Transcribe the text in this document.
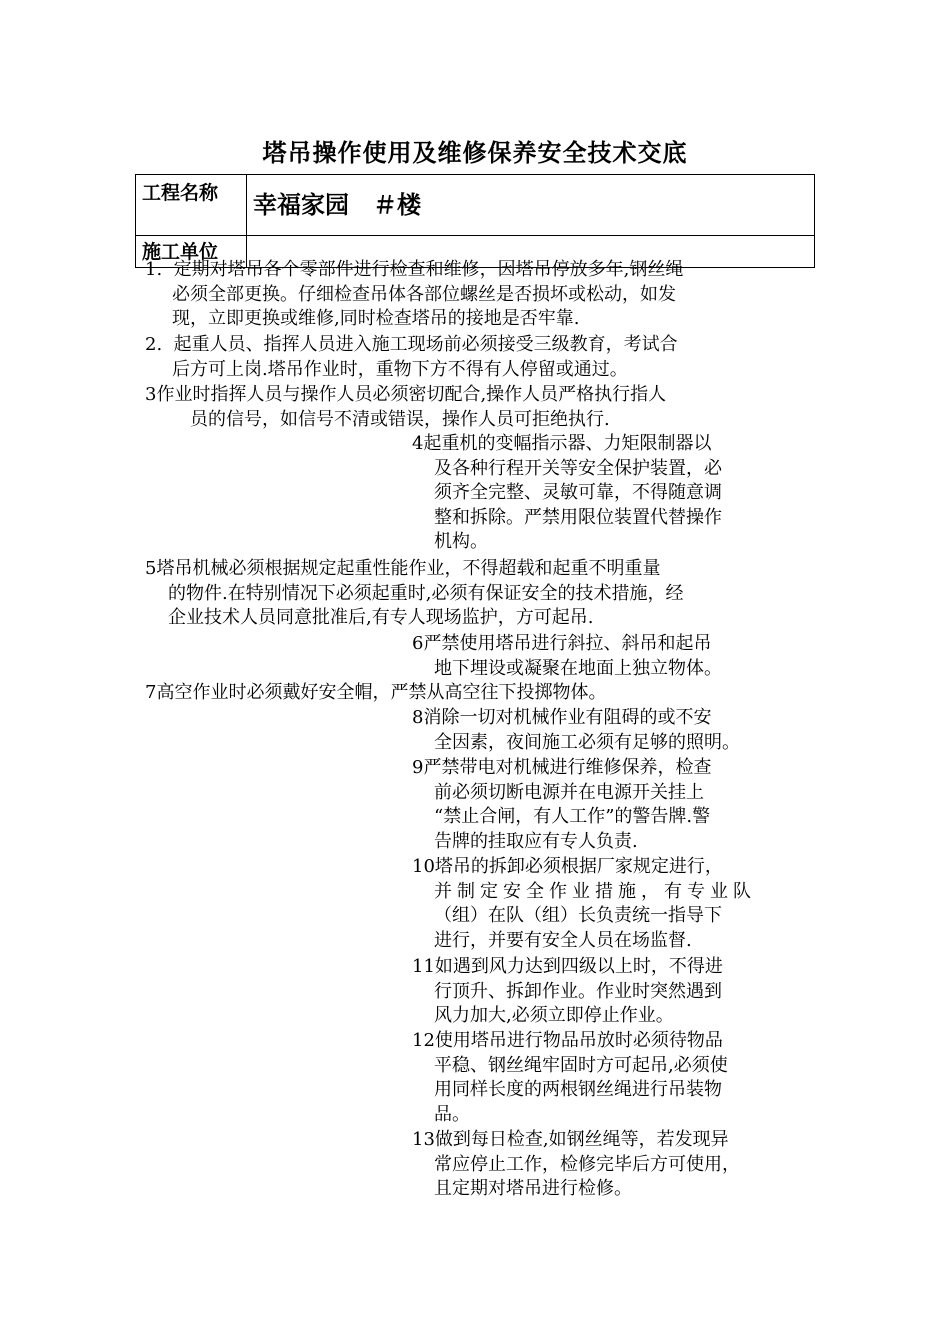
塔吊操作使用及维修保养安全技术交底
工程名称	幸福家园　＃楼
施工单位	
1. 定期对塔吊各个零部件进行检查和维修，因塔吊停放多年,钢丝绳
必须全部更换。仔细检查吊体各部位螺丝是否损坏或松动，如发
现，立即更换或维修,同时检查塔吊的接地是否牢靠.
2. 起重人员、指挥人员进入施工现场前必须接受三级教育，考试合
后方可上岗.塔吊作业时，重物下方不得有人停留或通过。
3作业时指挥人员与操作人员必须密切配合,操作人员严格执行指人
员的信号，如信号不清或错误，操作人员可拒绝执行.
4起重机的变幅指示器、力矩限制器以
及各种行程开关等安全保护装置，必
须齐全完整、灵敏可靠，不得随意调
整和拆除。严禁用限位装置代替操作
机构。
5塔吊机械必须根据规定起重性能作业，不得超载和起重不明重量
的物件.在特别情况下必须起重时,必须有保证安全的技术措施，经
企业技术人员同意批准后,有专人现场监护，方可起吊.
6严禁使用塔吊进行斜拉、斜吊和起吊
地下埋设或凝聚在地面上独立物体。
7高空作业时必须戴好安全帽，严禁从高空往下投掷物体。
8消除一切对机械作业有阻碍的或不安
全因素，夜间施工必须有足够的照明。
9严禁带电对机械进行维修保养，检查
前必须切断电源并在电源开关挂上
“禁止合闸，有人工作”的警告牌.警
告牌的挂取应有专人负责.
10塔吊的拆卸必须根据厂家规定进行，
并制定安全作业措施，有专业队
（组）在队（组）长负责统一指导下
进行，并要有安全人员在场监督.
11如遇到风力达到四级以上时，不得进
行顶升、拆卸作业。作业时突然遇到
风力加大,必须立即停止作业。
12使用塔吊进行物品吊放时必须待物品
平稳、钢丝绳牢固时方可起吊,必须使
用同样长度的两根钢丝绳进行吊装物
品。
13做到每日检查,如钢丝绳等，若发现异
常应停止工作，检修完毕后方可使用，
且定期对塔吊进行检修。
